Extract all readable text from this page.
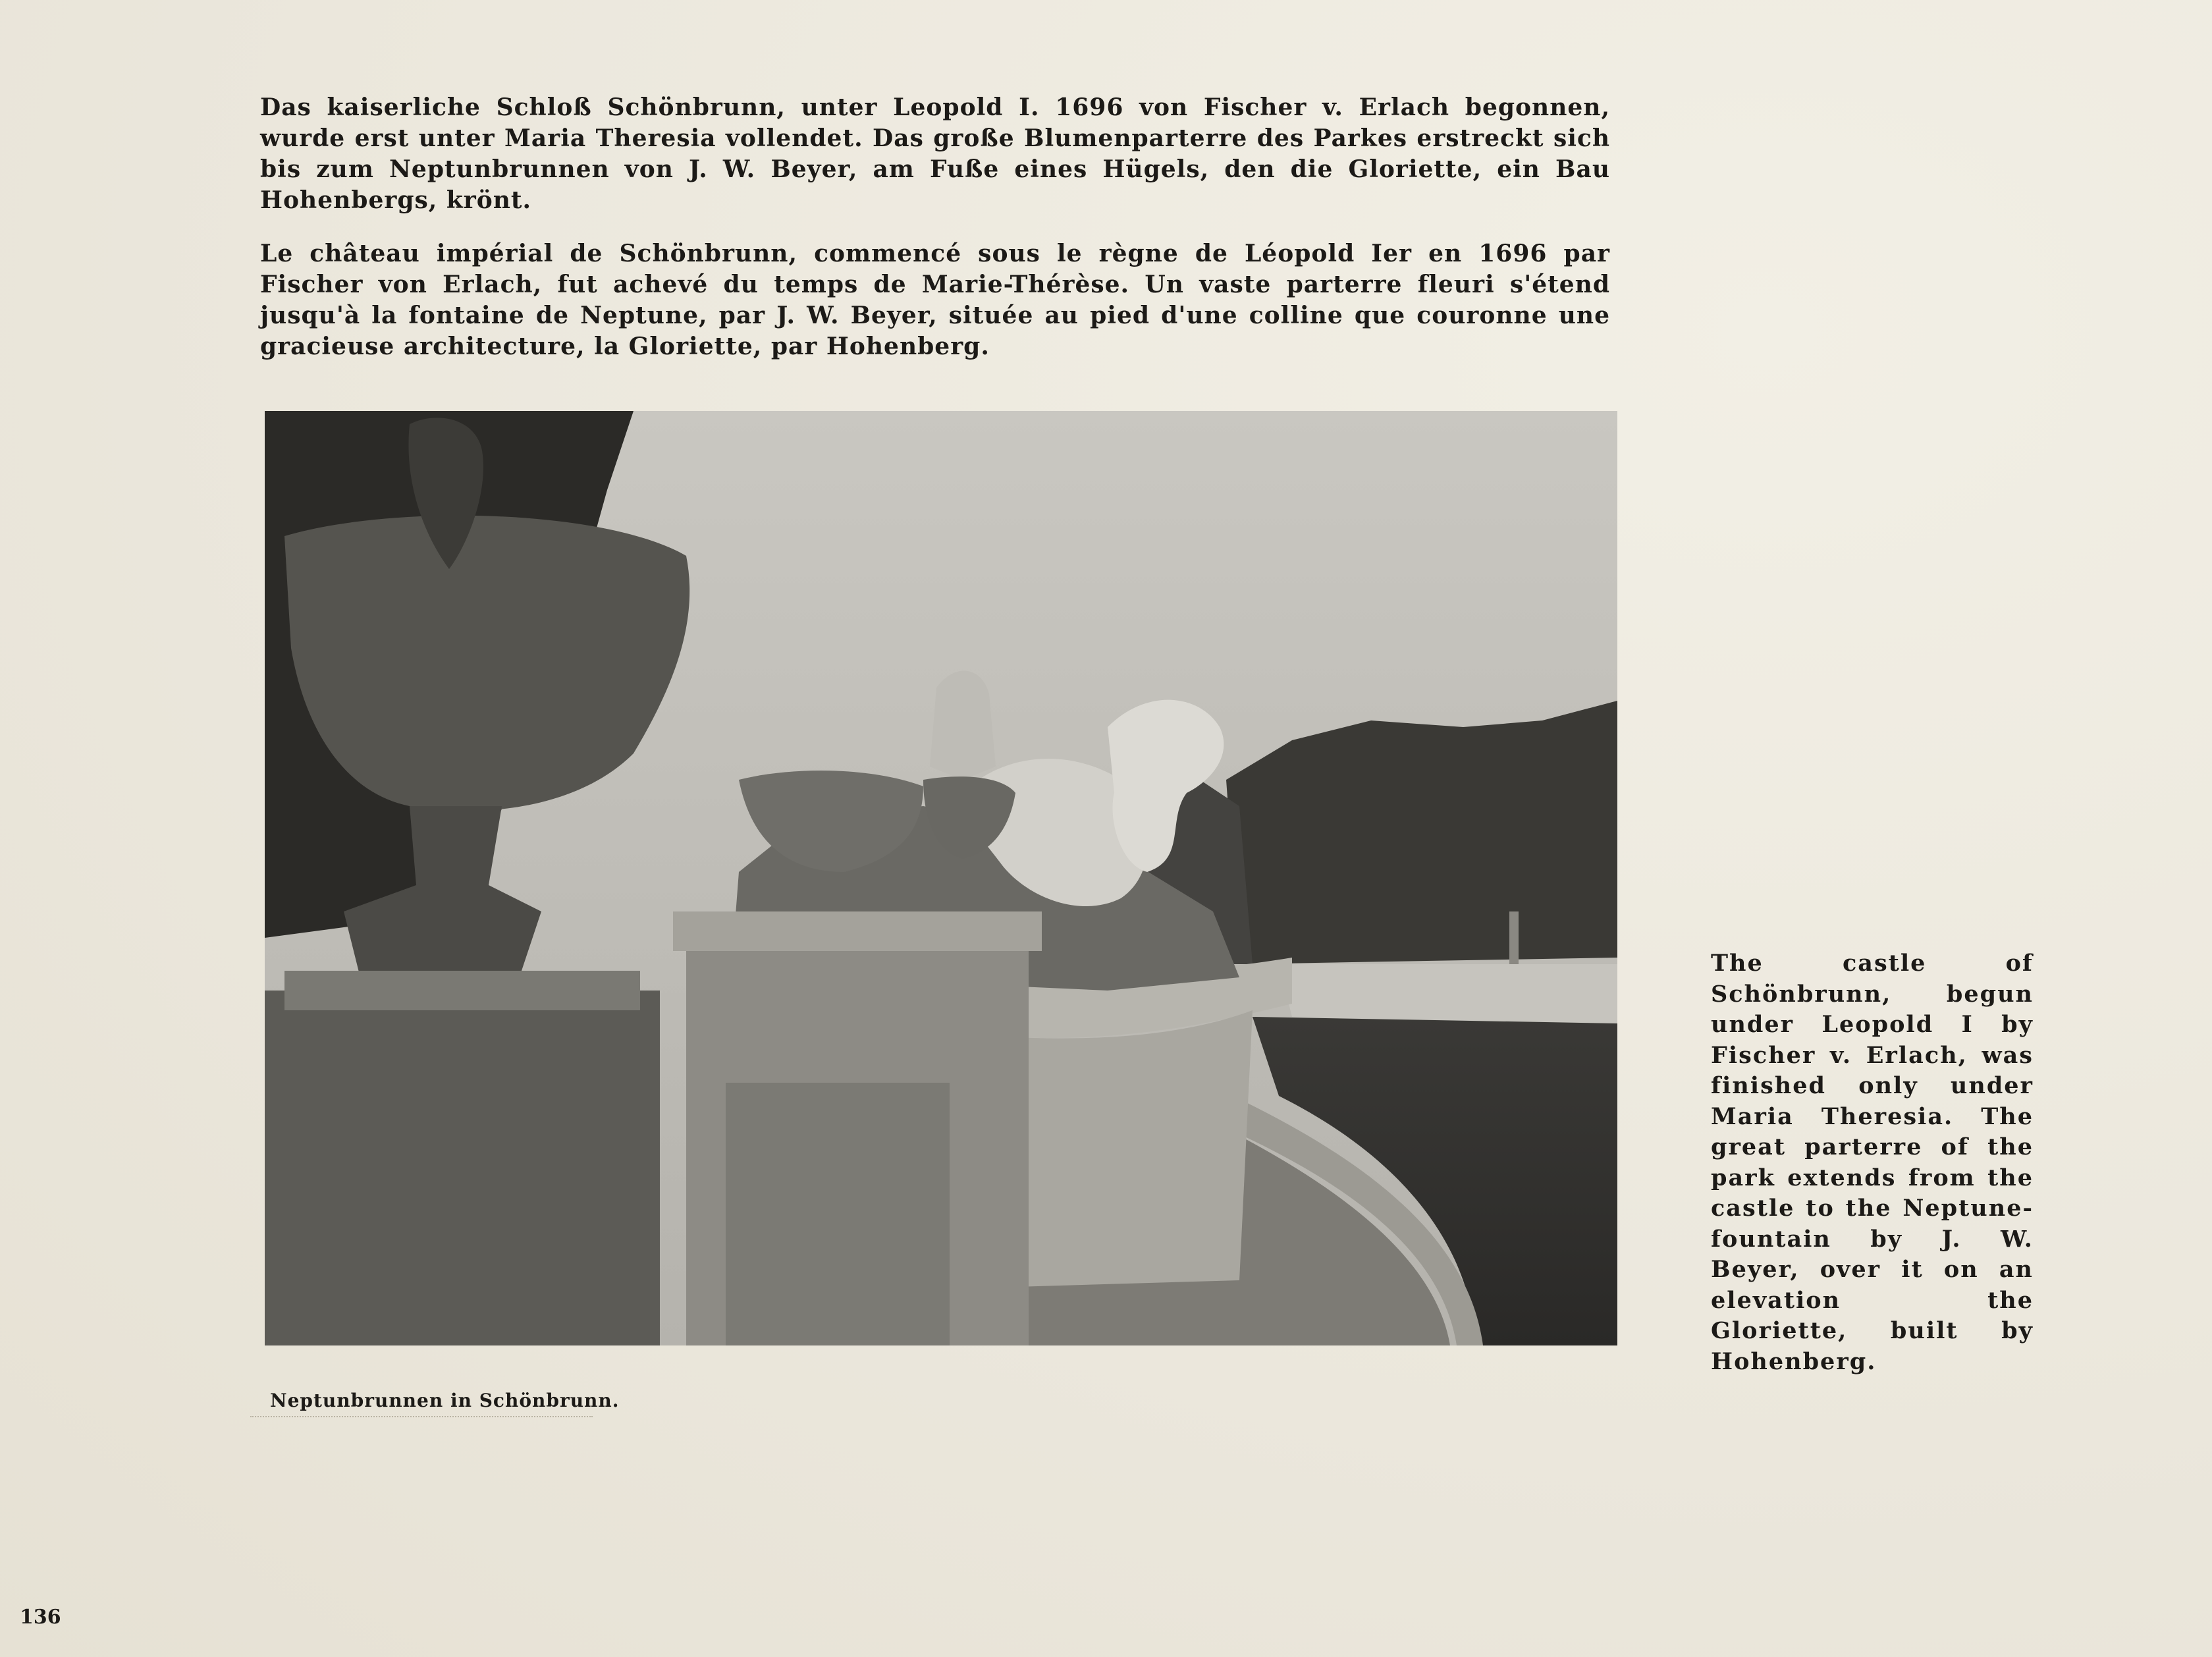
Das kaiserliche Schloß Schönbrunn, unter Leopold I. 1696 von Fischer v. Erlach begonnen, wurde erst unter Maria Theresia vollendet. Das große Blumenparterre des Parkes erstreckt sich bis zum Neptunbrunnen von J. W. Beyer, am Fuße eines Hügels, den die Gloriette, ein Bau Hohenbergs, krönt.

Le château impérial de Schönbrunn, commencé sous le règne de Léopold Ier en 1696 par Fischer von Erlach, fut achevé du temps de Marie-Thérèse. Un vaste parterre fleuri s'étend jusqu'à la fontaine de Neptune, par J. W. Beyer, située au pied d'une colline que couronne une gracieuse architecture, la Gloriette, par Hohenberg.

Neptunbrunnen in Schönbrunn.

The castle of Schönbrunn, begun under Leopold I by Fischer v. Erlach, was finished only under Maria Theresia. The great parterre of the park extends from the castle to the Neptune-fountain by J. W. Beyer, over it on an elevation the Gloriette, built by Hohenberg.

136
